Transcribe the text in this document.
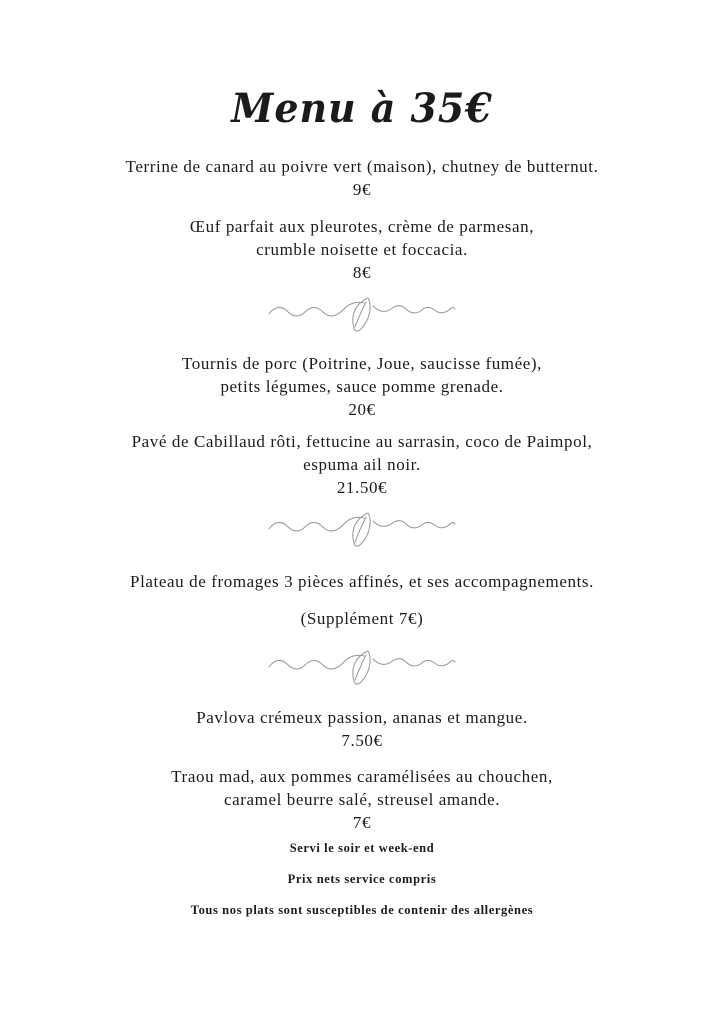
Menu à 35€

Terrine de canard au poivre vert (maison), chutney de butternut.

9€

Œuf parfait aux pleurotes, crème de parmesan,

crumble noisette et foccacia.

8€

Tournis de porc (Poitrine, Joue, saucisse fumée),

petits légumes, sauce pomme grenade.

20€

Pavé de Cabillaud rôti, fettucine au sarrasin, coco de Paimpol,

espuma ail noir.

21.50€

Plateau de fromages 3 pièces affinés, et ses accompagnements.

(Supplément 7€)

Pavlova crémeux passion, ananas et mangue.

7.50€

Traou mad, aux pommes caramélisées au chouchen,

caramel beurre salé, streusel amande.

7€

Servi le soir et week-end

Prix nets service compris

Tous nos plats sont susceptibles de contenir des allergènes
